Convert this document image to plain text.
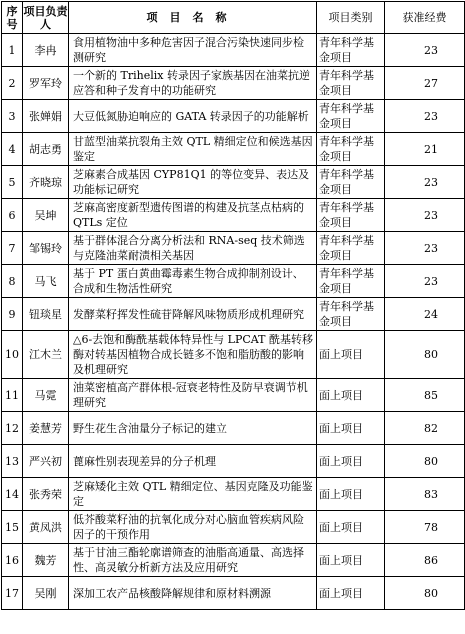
序号	项目负责人	项目名称	项目类别	获准经费
1	李冉	食用植物油中多种危害因子混合污染快速同步检测研究	青年科学基金项目	23
2	罗军玲	一个新的 Trihelix 转录因子家族基因在油菜抗逆应答和种子发育中的功能研究	青年科学基金项目	27
3	张婵娟	大豆低氮胁迫响应的 GATA 转录因子的功能解析	青年科学基金项目	23
4	胡志勇	甘蓝型油菜抗裂角主效 QTL 精细定位和候选基因鉴定	青年科学基金项目	21
5	齐晓琼	芝麻素合成基因 CYP81Q1 的等位变异、表达及功能标记研究	青年科学基金项目	23
6	吴坤	芝麻高密度新型遗传图谱的构建及抗茎点枯病的 QTLs 定位	青年科学基金项目	23
7	邹锡玲	基于群体混合分离分析法和 RNA-seq 技术筛选与克隆油菜耐渍相关基因	青年科学基金项目	23
8	马飞	基于 PT 蛋白黄曲霉毒素生物合成抑制剂设计、合成和生物活性研究	青年科学基金项目	23
9	钮琰星	发酵菜籽挥发性硫苷降解风味物质形成机理研究	青年科学基金项目	24
10	江木兰	△6-去饱和酶酰基载体特异性与 LPCAT 酰基转移酶对转基因植物合成长链多不饱和脂肪酸的影响及机理研究	面上项目	80
11	马霓	油菜密植高产群体根-冠衰老特性及防早衰调节机理研究	面上项目	85
12	姜慧芳	野生花生含油量分子标记的建立	面上项目	82
13	严兴初	蓖麻性别表现差异的分子机理	面上项目	80
14	张秀荣	芝麻矮化主效 QTL 精细定位、基因克隆及功能鉴定	面上项目	83
15	黄凤洪	低芥酸菜籽油的抗氧化成分对心脑血管疾病风险因子的干预作用	面上项目	78
16	魏芳	基于甘油三酯轮廓谱筛查的油脂高通量、高选择性、高灵敏分析新方法及应用研究	面上项目	86
17	吴刚	深加工农产品核酸降解规律和原材料溯源	面上项目	80
